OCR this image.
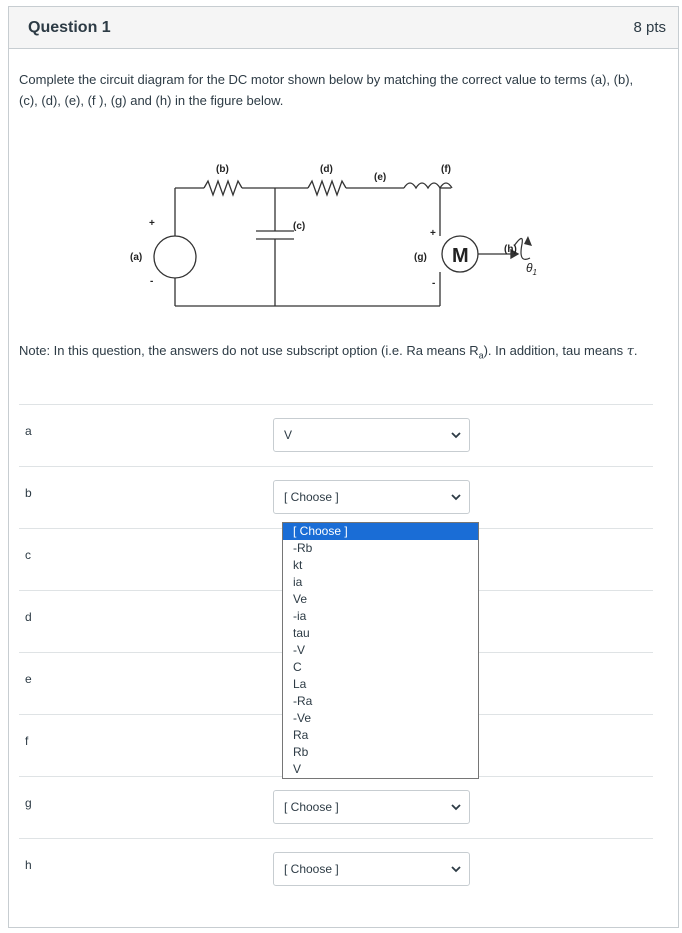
Question 1	8 pts
Complete the circuit diagram for the DC motor shown below by matching the correct value to terms (a), (b), (c), (d), (e), (f ), (g) and (h) in the figure below.
(b)	(d)
(e)
(f)
(c)
(a)	(g)
(h)
+
-
+
-
M
$\theta_1$
Note: In this question, the answers do not use subscript option (i.e. Ra means $R_a$). In addition, tau means τ.
a	V
b	[ Choose ]
c
d
e
f
g	[ Choose ]
h	[ Choose ]
[ Choose ]
-Rb
kt
ia
Ve
-ia
tau
-V
C
La
-Ra
-Ve
Ra
Rb
V
